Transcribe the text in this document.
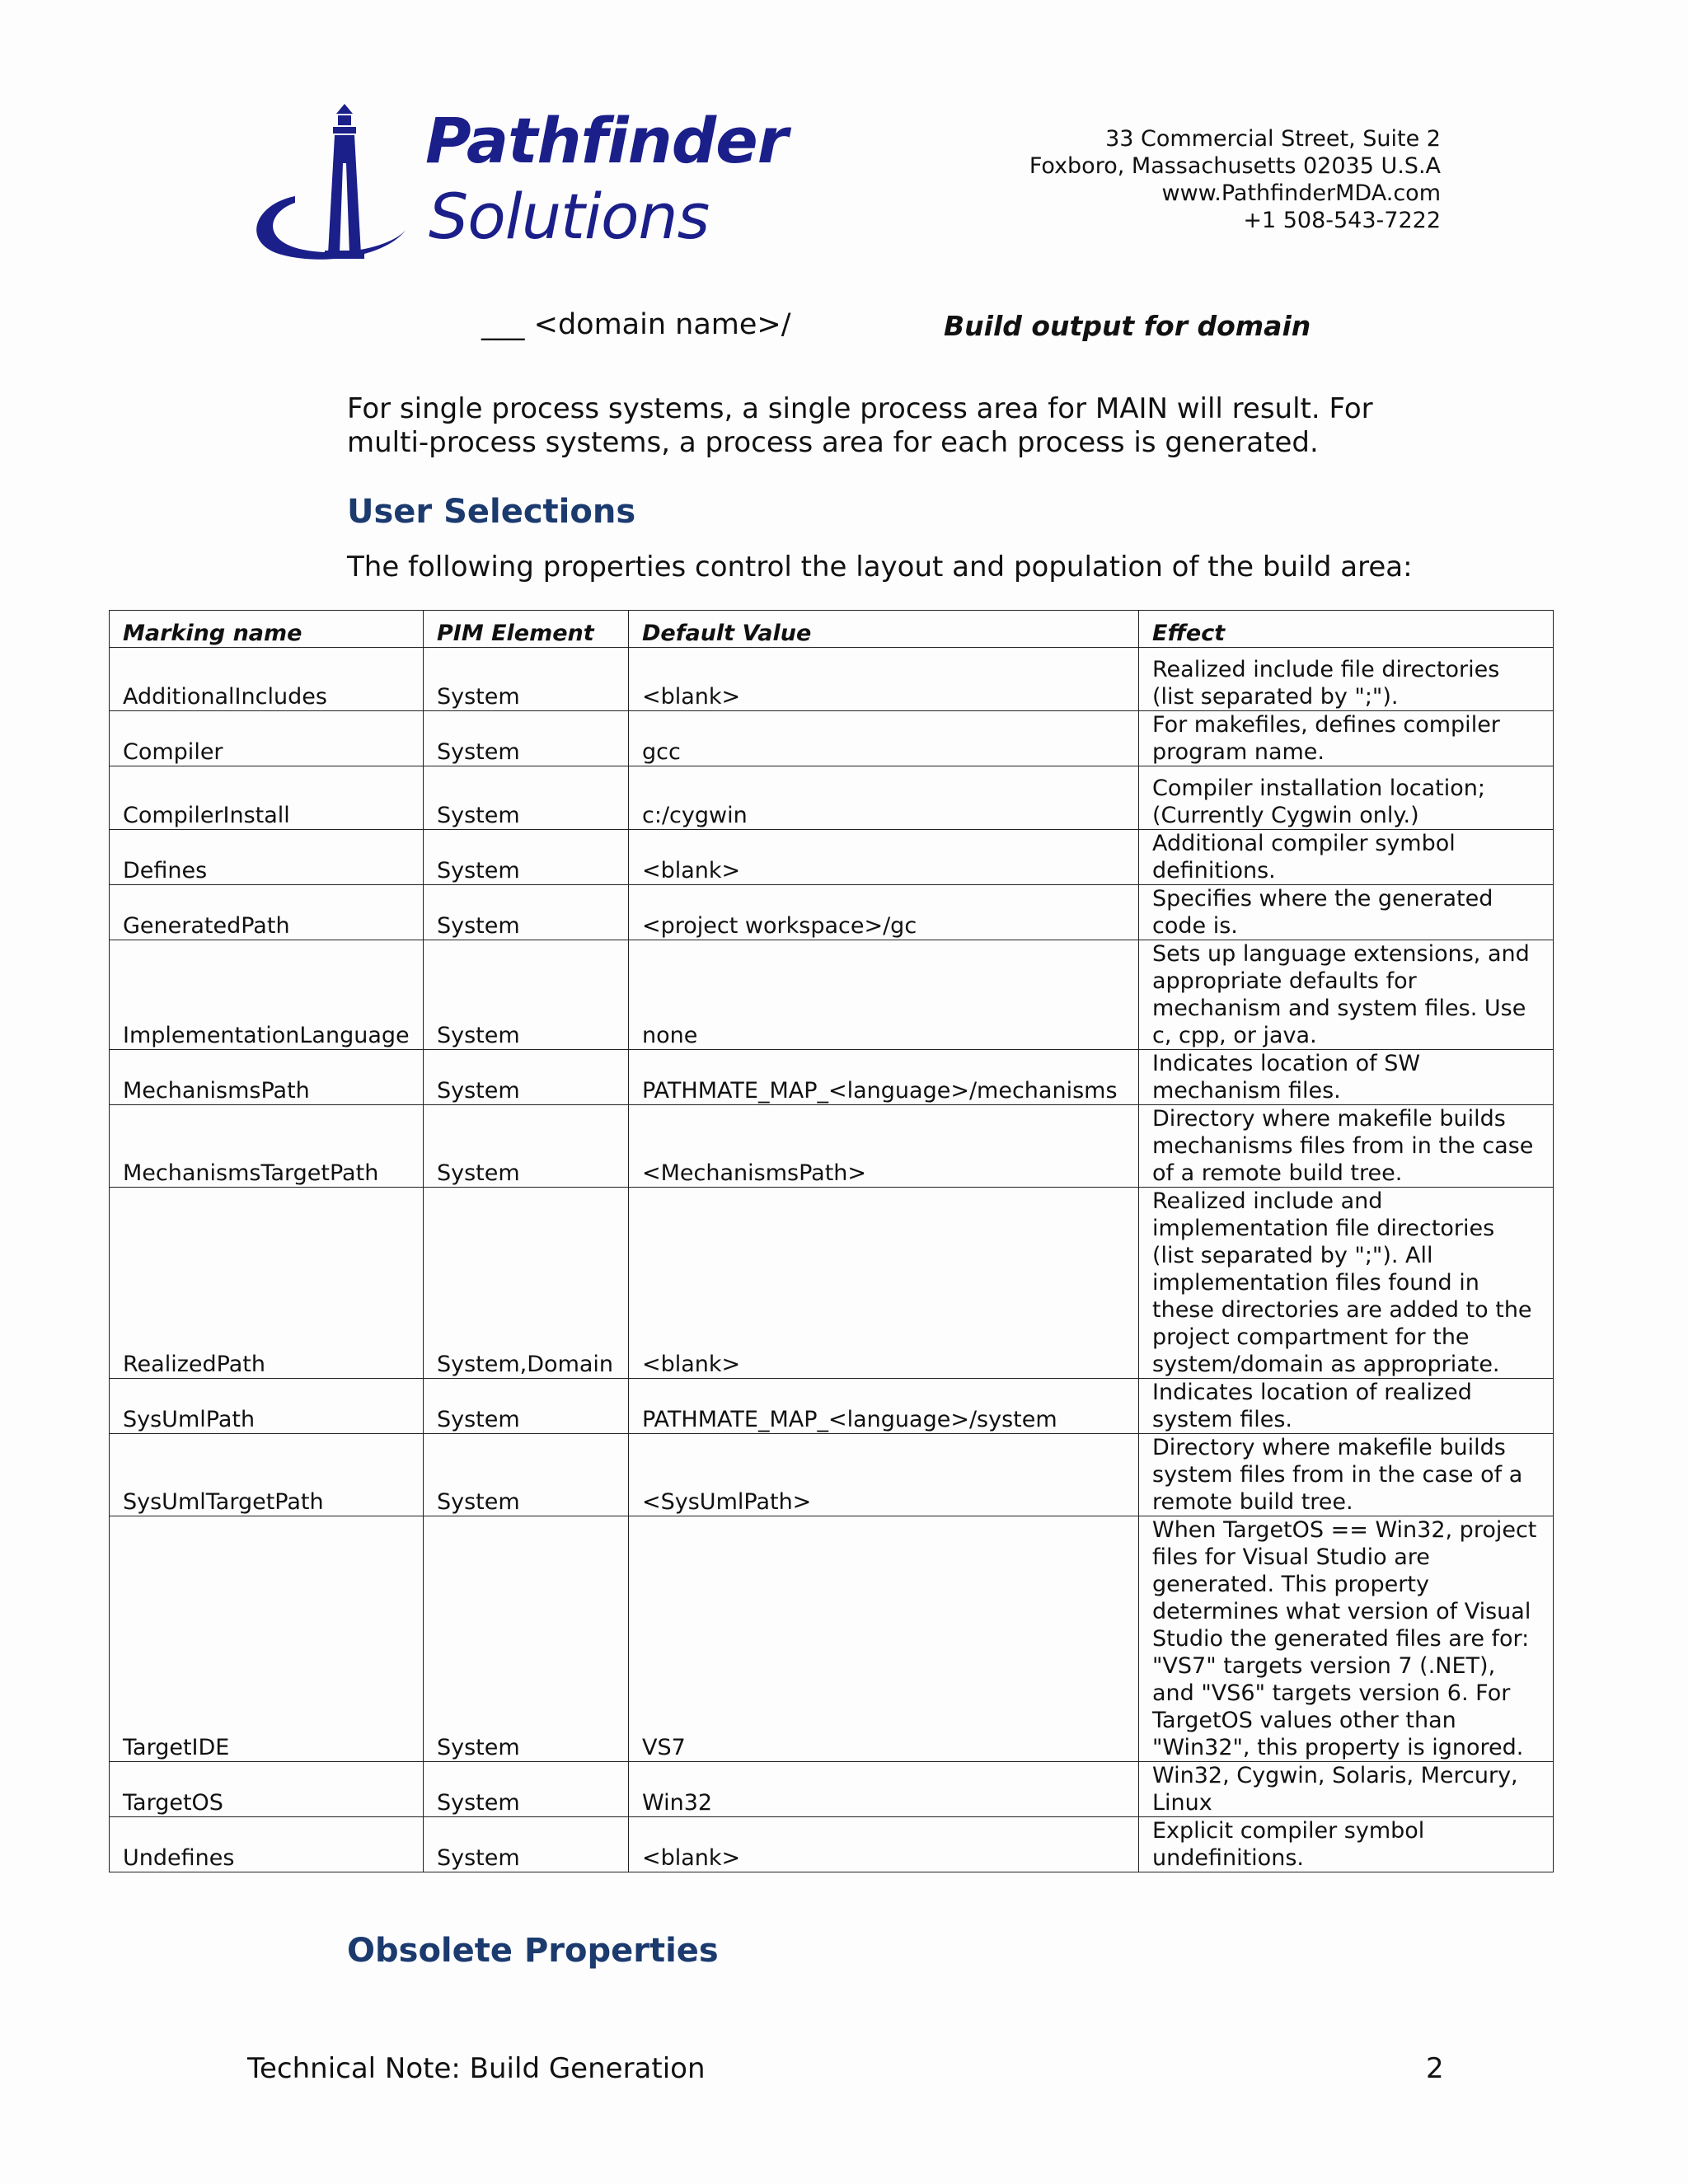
Pathfinder
Solutions
33 Commercial Street, Suite 2
Foxboro, Massachusetts 02035 U.S.A
www.PathfinderMDA.com
+1 508-543-7222
___ <domain name>/	Build output for domain
For single process systems, a single process area for MAIN will result. For
multi-process systems, a process area for each process is generated.
User Selections
The following properties control the layout and population of the build area:
Marking name	PIM Element	Default Value	Effect
AdditionalIncludes	System	<blank>	Realized include file directories (list separated by ";").
Compiler	System	gcc	For makefiles, defines compiler program name.
CompilerInstall	System	c:/cygwin	Compiler installation location; (Currently Cygwin only.)
Defines	System	<blank>	Additional compiler symbol definitions.
GeneratedPath	System	<project workspace>/gc	Specifies where the generated code is.
ImplementationLanguage	System	none	Sets up language extensions, and appropriate defaults for mechanism and system files. Use c, cpp, or java.
MechanismsPath	System	PATHMATE_MAP_<language>/mechanisms	Indicates location of SW mechanism files.
MechanismsTargetPath	System	<MechanismsPath>	Directory where makefile builds mechanisms files from in the case of a remote build tree.
RealizedPath	System,Domain	<blank>	Realized include and implementation file directories (list separated by ";"). All implementation files found in these directories are added to the project compartment for the system/domain as appropriate.
SysUmlPath	System	PATHMATE_MAP_<language>/system	Indicates location of realized system files.
SysUmlTargetPath	System	<SysUmlPath>	Directory where makefile builds system files from in the case of a remote build tree.
TargetIDE	System	VS7	When TargetOS == Win32, project files for Visual Studio are generated. This property determines what version of Visual Studio the generated files are for: "VS7" targets version 7 (.NET), and "VS6" targets version 6. For TargetOS values other than "Win32", this property is ignored.
TargetOS	System	Win32	Win32, Cygwin, Solaris, Mercury, Linux
Undefines	System	<blank>	Explicit compiler symbol undefinitions.
Obsolete Properties
Technical Note: Build Generation	2
